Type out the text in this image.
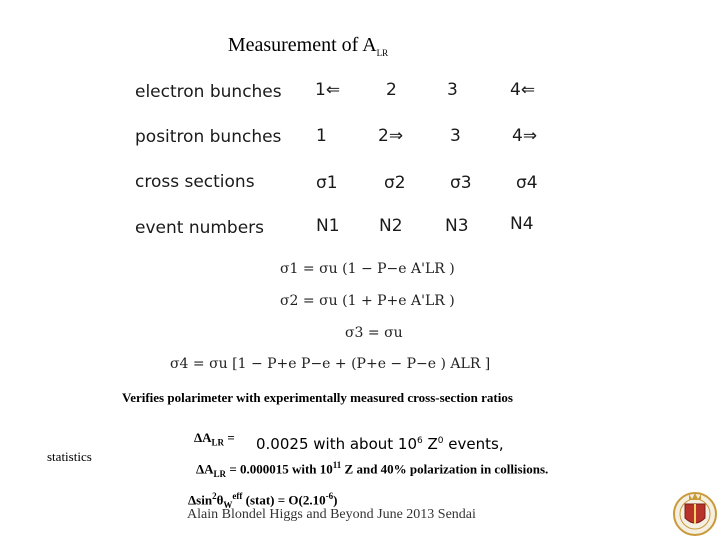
Measurement of $A_{LR}$
electron bunches 1⇐	2	3	4⇐
positron bunches 1	2⇒	3	4⇒
cross sections	σ1	σ2	σ3	σ4
event numbers	N1 N2 N3 N4
σ1 = σu (1 − P−e A'LR )
σ2 = σu (1 + P+e A'LR )
σ3 = σu
σ4 = σu [1 − P+e P−e + (P+e − P−e ) ALR ]
Verifies polarimeter with experimentally measured cross-section ratios
statistics
$\Delta A_{LR} = 0.0025$ with about $10^6$ $Z^0$ events,
$\Delta A_{LR} = 0.000015$ with $10^{11}$ Z and 40% polarization in collisions.
$\Delta\sin^2\theta_W^{eff}$ (stat) = $O(2.10^{-6})$
Alain Blondel Higgs and Beyond June 2013 Sendai
